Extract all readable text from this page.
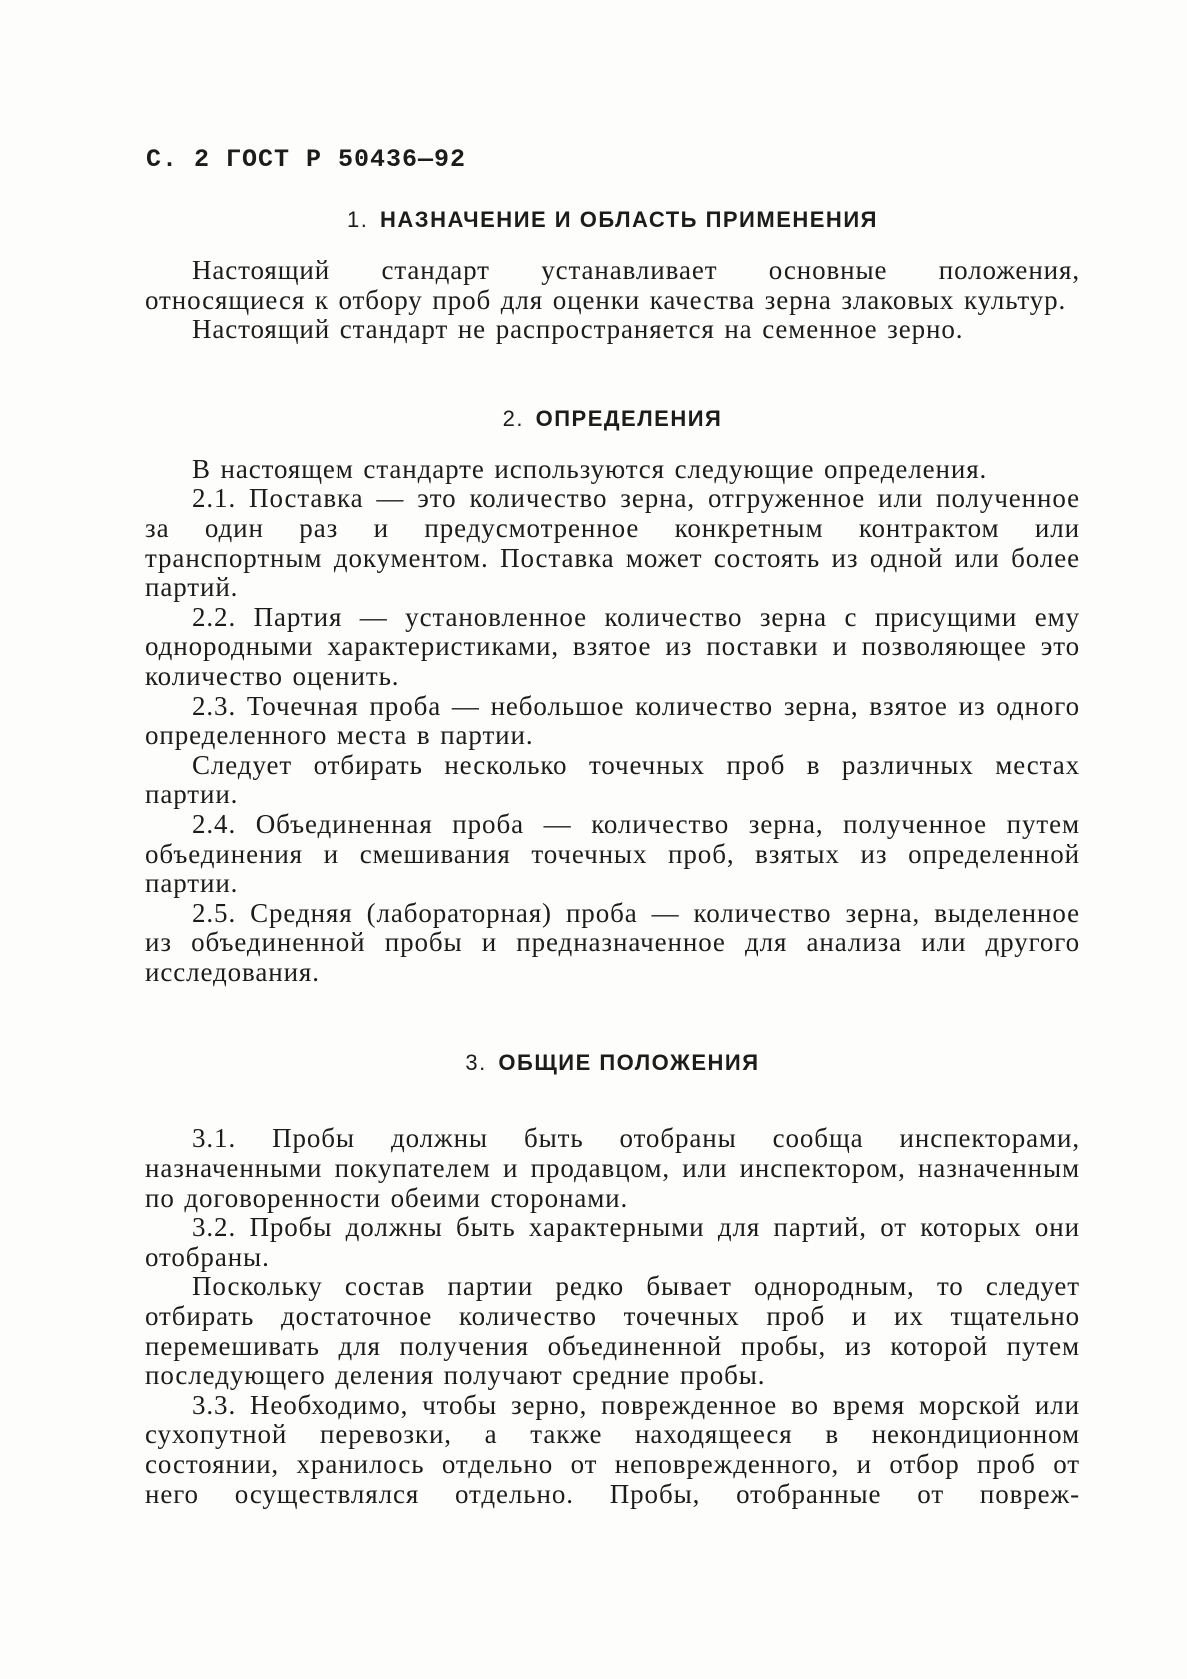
С. 2 ГОСТ Р 50436—92
1. НАЗНАЧЕНИЕ И ОБЛАСТЬ ПРИМЕНЕНИЯ

Настоящий стандарт устанавливает основные положения, относящиеся к отбору проб для оценки качества зерна злаковых культур.

Настоящий стандарт не распространяется на семенное зерно.

2. ОПРЕДЕЛЕНИЯ

В настоящем стандарте используются следующие определения.

2.1. Поставка — это количество зерна, отгруженное или полученное за один раз и предусмотренное конкретным контрактом или транспортным документом. Поставка может состоять из одной или более партий.

2.2. Партия — установленное количество зерна с присущими ему однородными характеристиками, взятое из поставки и позволяющее это количество оценить.

2.3. Точечная проба — небольшое количество зерна, взятое из одного определенного места в партии.

Следует отбирать несколько точечных проб в различных местах партии.

2.4. Объединенная проба — количество зерна, полученное путем объединения и смешивания точечных проб, взятых из определенной партии.

2.5. Средняя (лабораторная) проба — количество зерна, выделенное из объединенной пробы и предназначенное для анализа или другого исследования.

3. ОБЩИЕ ПОЛОЖЕНИЯ

3.1. Пробы должны быть отобраны сообща инспекторами, назначенными покупателем и продавцом, или инспектором, назначенным по договоренности обеими сторонами.

3.2. Пробы должны быть характерными для партий, от которых они отобраны.

Поскольку состав партии редко бывает однородным, то следует отбирать достаточное количество точечных проб и их тщательно перемешивать для получения объединенной пробы, из которой путем последующего деления получают средние пробы.

3.3. Необходимо, чтобы зерно, поврежденное во время морской или сухопутной перевозки, а также находящееся в некондиционном состоянии, хранилось отдельно от неповрежденного, и отбор проб от него осуществлялся отдельно. Пробы, отобранные от повреж-
